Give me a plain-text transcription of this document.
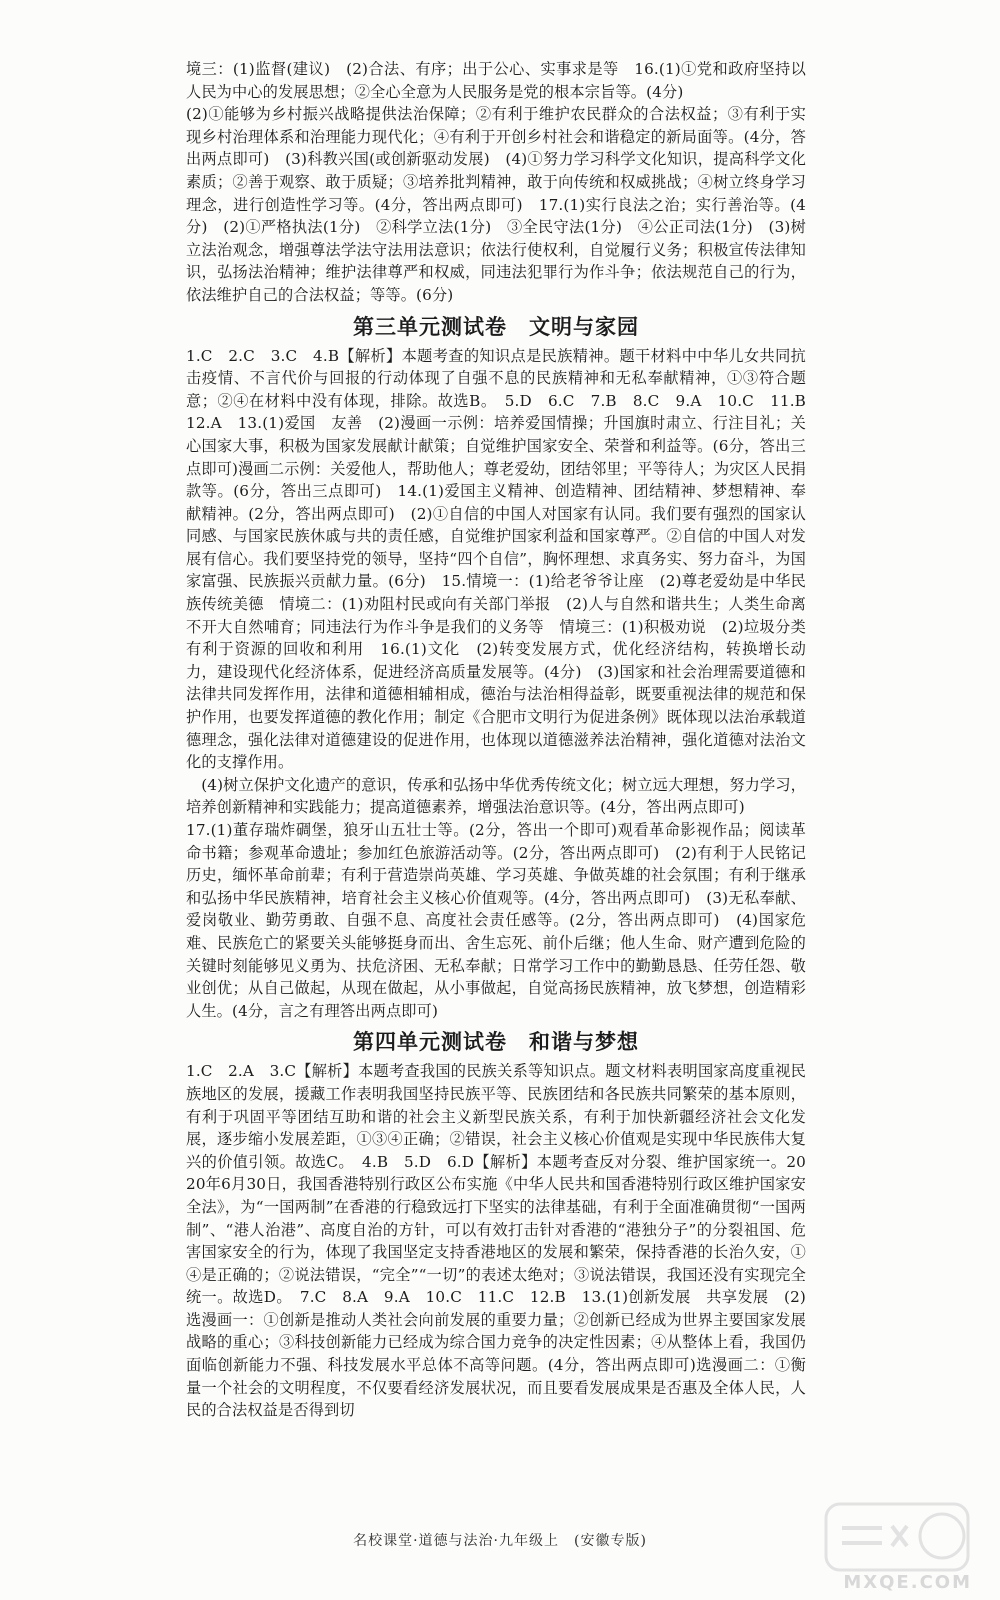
境三：(1)监督(建议)　(2)合法、有序；出于公心、实事求是等　16.(1)①党和政府坚持以人民为中心的发展思想；②全心全意为人民服务是党的根本宗旨等。(4分)

(2)①能够为乡村振兴战略提供法治保障；②有利于维护农民群众的合法权益；③有利于实现乡村治理体系和治理能力现代化；④有利于开创乡村社会和谐稳定的新局面等。(4分，答出两点即可)　(3)科教兴国(或创新驱动发展)　(4)①努力学习科学文化知识，提高科学文化素质；②善于观察、敢于质疑；③培养批判精神，敢于向传统和权威挑战；④树立终身学习理念，进行创造性学习等。(4分，答出两点即可)　17.(1)实行良法之治；实行善治等。(4分)　(2)①严格执法(1分)　②科学立法(1分)　③全民守法(1分)　④公正司法(1分)　(3)树立法治观念，增强尊法学法守法用法意识；依法行使权利，自觉履行义务；积极宣传法律知识，弘扬法治精神；维护法律尊严和权威，同违法犯罪行为作斗争；依法规范自己的行为，依法维护自己的合法权益；等等。(6分)

第三单元测试卷　文明与家园

1.C　2.C　3.C　4.B【解析】本题考查的知识点是民族精神。题干材料中中华儿女共同抗击疫情、不言代价与回报的行动体现了自强不息的民族精神和无私奉献精神，①③符合题意；②④在材料中没有体现，排除。故选B。　5.D　6.C　7.B　8.C　9.A　10.C　11.B　12.A　13.(1)爱国　友善　(2)漫画一示例：培养爱国情操；升国旗时肃立、行注目礼；关心国家大事，积极为国家发展献计献策；自觉维护国家安全、荣誉和利益等。(6分，答出三点即可)漫画二示例：关爱他人，帮助他人；尊老爱幼，团结邻里；平等待人；为灾区人民捐款等。(6分，答出三点即可)　14.(1)爱国主义精神、创造精神、团结精神、梦想精神、奉献精神。(2分，答出两点即可)　(2)①自信的中国人对国家有认同。我们要有强烈的国家认同感、与国家民族休戚与共的责任感，自觉维护国家利益和国家尊严。②自信的中国人对发展有信心。我们要坚持党的领导，坚持“四个自信”，胸怀理想、求真务实、努力奋斗，为国家富强、民族振兴贡献力量。(6分)　15.情境一：(1)给老爷爷让座　(2)尊老爱幼是中华民族传统美德　情境二：(1)劝阻村民或向有关部门举报　(2)人与自然和谐共生；人类生命离不开大自然哺育；同违法行为作斗争是我们的义务等　情境三：(1)积极劝说　(2)垃圾分类有利于资源的回收和利用　16.(1)文化　(2)转变发展方式，优化经济结构，转换增长动力，建设现代化经济体系，促进经济高质量发展等。(4分)　(3)国家和社会治理需要道德和法律共同发挥作用，法律和道德相辅相成，德治与法治相得益彰，既要重视法律的规范和保护作用，也要发挥道德的教化作用；制定《合肥市文明行为促进条例》既体现以法治承载道德理念，强化法律对道德建设的促进作用，也体现以道德滋养法治精神，强化道德对法治文化的支撑作用。

(4)树立保护文化遗产的意识，传承和弘扬中华优秀传统文化；树立远大理想，努力学习，培养创新精神和实践能力；提高道德素养，增强法治意识等。(4分，答出两点即可)

17.(1)董存瑞炸碉堡，狼牙山五壮士等。(2分，答出一个即可)观看革命影视作品；阅读革命书籍；参观革命遗址；参加红色旅游活动等。(2分，答出两点即可)　(2)有利于人民铭记历史，缅怀革命前辈；有利于营造崇尚英雄、学习英雄、争做英雄的社会氛围；有利于继承和弘扬中华民族精神，培育社会主义核心价值观等。(4分，答出两点即可)　(3)无私奉献、爱岗敬业、勤劳勇敢、自强不息、高度社会责任感等。(2分，答出两点即可)　(4)国家危难、民族危亡的紧要关头能够挺身而出、舍生忘死、前仆后继；他人生命、财产遭到危险的关键时刻能够见义勇为、扶危济困、无私奉献；日常学习工作中的勤勤恳恳、任劳任怨、敬业创优；从自己做起，从现在做起，从小事做起，自觉高扬民族精神，放飞梦想，创造精彩人生。(4分，言之有理答出两点即可)

第四单元测试卷　和谐与梦想

1.C　2.A　3.C【解析】本题考查我国的民族关系等知识点。题文材料表明国家高度重视民族地区的发展，援藏工作表明我国坚持民族平等、民族团结和各民族共同繁荣的基本原则，有利于巩固平等团结互助和谐的社会主义新型民族关系，有利于加快新疆经济社会文化发展，逐步缩小发展差距，①③④正确；②错误，社会主义核心价值观是实现中华民族伟大复兴的价值引领。故选C。　4.B　5.D　6.D【解析】本题考查反对分裂、维护国家统一。2020年6月30日，我国香港特别行政区公布实施《中华人民共和国香港特别行政区维护国家安全法》，为“一国两制”在香港的行稳致远打下坚实的法律基础，有利于全面准确贯彻“一国两制”、“港人治港”、高度自治的方针，可以有效打击针对香港的“港独分子”的分裂祖国、危害国家安全的行为，体现了我国坚定支持香港地区的发展和繁荣，保持香港的长治久安，①④是正确的；②说法错误，“完全”“一切”的表述太绝对；③说法错误，我国还没有实现完全统一。故选D。　7.C　8.A　9.A　10.C　11.C　12.B　13.(1)创新发展　共享发展　(2)选漫画一：①创新是推动人类社会向前发展的重要力量；②创新已经成为世界主要国家发展战略的重心；③科技创新能力已经成为综合国力竞争的决定性因素；④从整体上看，我国仍面临创新能力不强、科技发展水平总体不高等问题。(4分，答出两点即可)选漫画二：①衡量一个社会的文明程度，不仅要看经济发展状况，而且要看发展成果是否惠及全体人民，人民的合法权益是否得到切

名校课堂·道德与法治·九年级上　(安徽专版)
MXQE.COM
